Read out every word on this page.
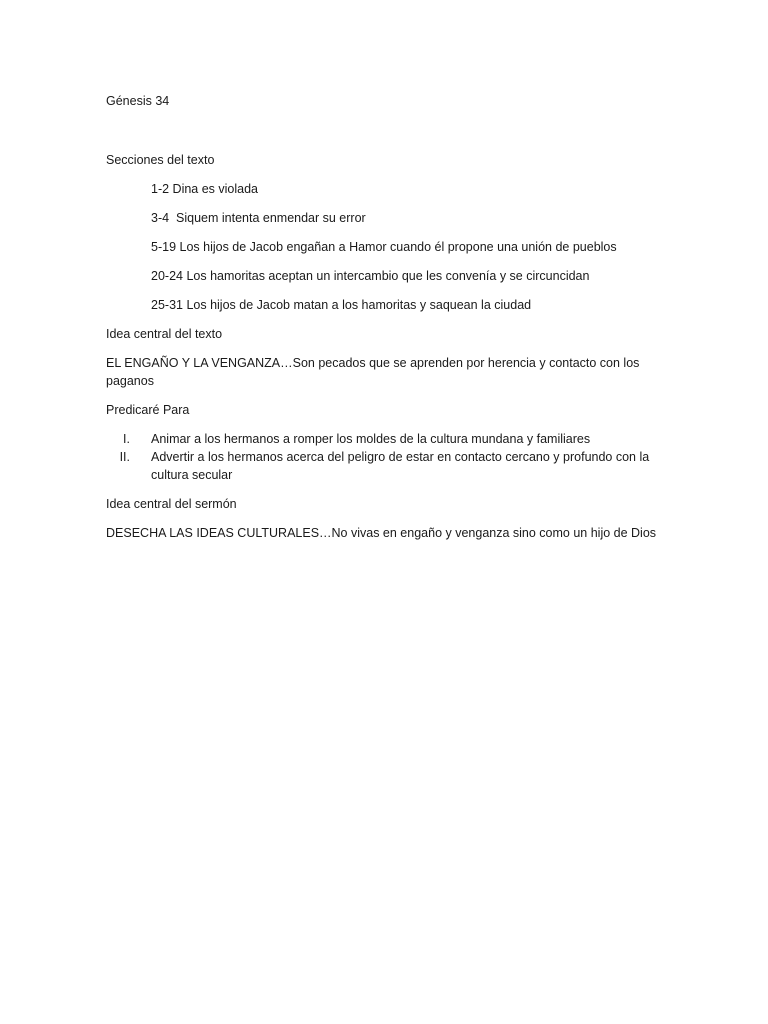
Génesis 34

Secciones del texto

1-2 Dina es violada

3-4  Siquem intenta enmendar su error

5-19 Los hijos de Jacob engañan a Hamor cuando él propone una unión de pueblos

20-24 Los hamoritas aceptan un intercambio que les convenía y se circuncidan

25-31 Los hijos de Jacob matan a los hamoritas y saquean la ciudad

Idea central del texto

EL ENGAÑO Y LA VENGANZA…Son pecados que se aprenden por herencia y contacto con los paganos

Predicaré Para

I. Animar a los hermanos a romper los moldes de la cultura mundana y familiares
II. Advertir a los hermanos acerca del peligro de estar en contacto cercano y profundo con la cultura secular

Idea central del sermón

DESECHA LAS IDEAS CULTURALES…No vivas en engaño y venganza sino como un hijo de Dios
